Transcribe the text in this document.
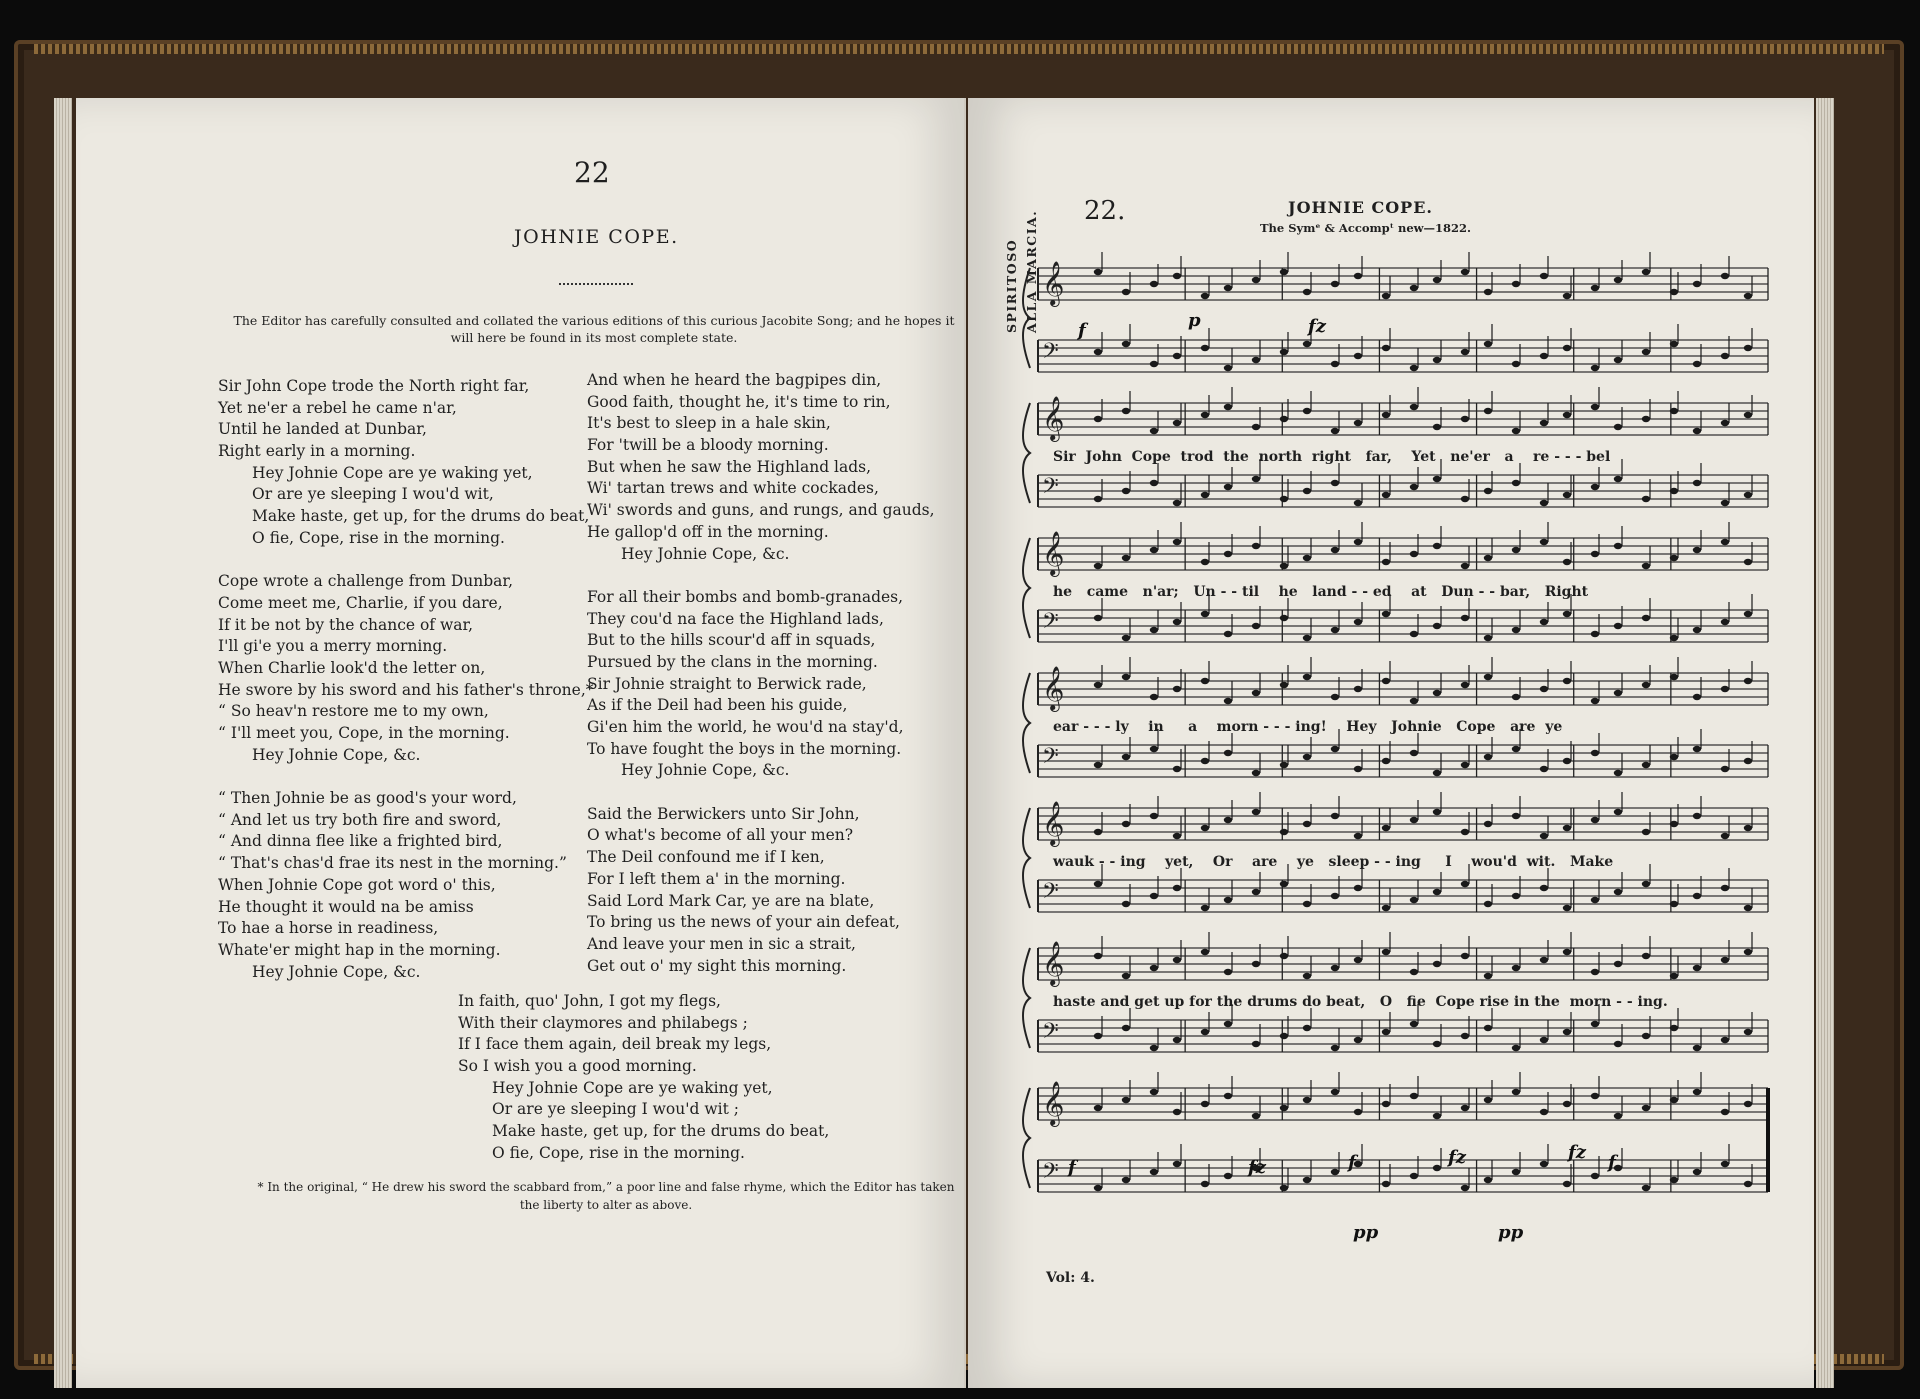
22
JOHNIE COPE.
The Editor has carefully consulted and collated the various editions of this curious Jacobite Song; and he hopes it will here be found in its most complete state.
Sir John Cope trode the North right far,
Yet ne'er a rebel he came n'ar,
Until he landed at Dunbar,
Right early in a morning.
Hey Johnie Cope are ye waking yet,
Or are ye sleeping I wou'd wit,
Make haste, get up, for the drums do beat,
O fie, Cope, rise in the morning.
Cope wrote a challenge from Dunbar,
Come meet me, Charlie, if you dare,
If it be not by the chance of war,
I'll gi'e you a merry morning.
When Charlie look'd the letter on,
He swore by his sword and his father's throne,*
“ So heav'n restore me to my own,
“ I'll meet you, Cope, in the morning.
Hey Johnie Cope, &c.
“ Then Johnie be as good's your word,
“ And let us try both fire and sword,
“ And dinna flee like a frighted bird,
“ That's chas'd frae its nest in the morning.”
When Johnie Cope got word o' this,
He thought it would na be amiss
To hae a horse in readiness,
Whate'er might hap in the morning.
Hey Johnie Cope, &c.
And when he heard the bagpipes din,
Good faith, thought he, it's time to rin,
It's best to sleep in a hale skin,
For 'twill be a bloody morning.
But when he saw the Highland lads,
Wi' tartan trews and white cockades,
Wi' swords and guns, and rungs, and gauds,
He gallop'd off in the morning.
Hey Johnie Cope, &c.
For all their bombs and bomb-granades,
They cou'd na face the Highland lads,
But to the hills scour'd aff in squads,
Pursued by the clans in the morning.
Sir Johnie straight to Berwick rade,
As if the Deil had been his guide,
Gi'en him the world, he wou'd na stay'd,
To have fought the boys in the morning.
Hey Johnie Cope, &c.
Said the Berwickers unto Sir John,
O what's become of all your men?
The Deil confound me if I ken,
For I left them a' in the morning.
Said Lord Mark Car, ye are na blate,
To bring us the news of your ain defeat,
And leave your men in sic a strait,
Get out o' my sight this morning.
In faith, quo' John, I got my flegs,
With their claymores and philabegs ;
If I face them again, deil break my legs,
So I wish you a good morning.
Hey Johnie Cope are ye waking yet,
Or are ye sleeping I wou'd wit ;
Make haste, get up, for the drums do beat,
O fie, Cope, rise in the morning.
* In the original, “ He drew his sword the scabbard from,” a poor line and false rhyme, which the Editor has taken the liberty to alter as above.
22.	JOHNIE COPE.
The Symᵉ & Accompᵗ new—1822.
SPIRITOSO ALLA MARCIA. 𝄞
𝄢
𝄞
𝄢
𝄞
𝄢
𝄞
𝄢
𝄞
𝄢
𝄞
𝄢
𝄞
𝄢
f	p	fz
f	fz	f	fz	fz f
pp	pp
Sir  John  Cope  trod  the  north  right   far,    Yet   ne'er   a    re - - - bel
he   came   n'ar;   Un - - til    he   land - - ed    at   Dun - - bar,   Right
ear - - - ly    in     a    morn - - - ing!    Hey   Johnie   Cope   are  ye
wauk - - ing    yet,    Or    are    ye   sleep - - ing     I    wou'd  wit.   Make
haste and get up for the drums do beat,   O   fie  Cope rise in the  morn - - ing.
Vol: 4.
